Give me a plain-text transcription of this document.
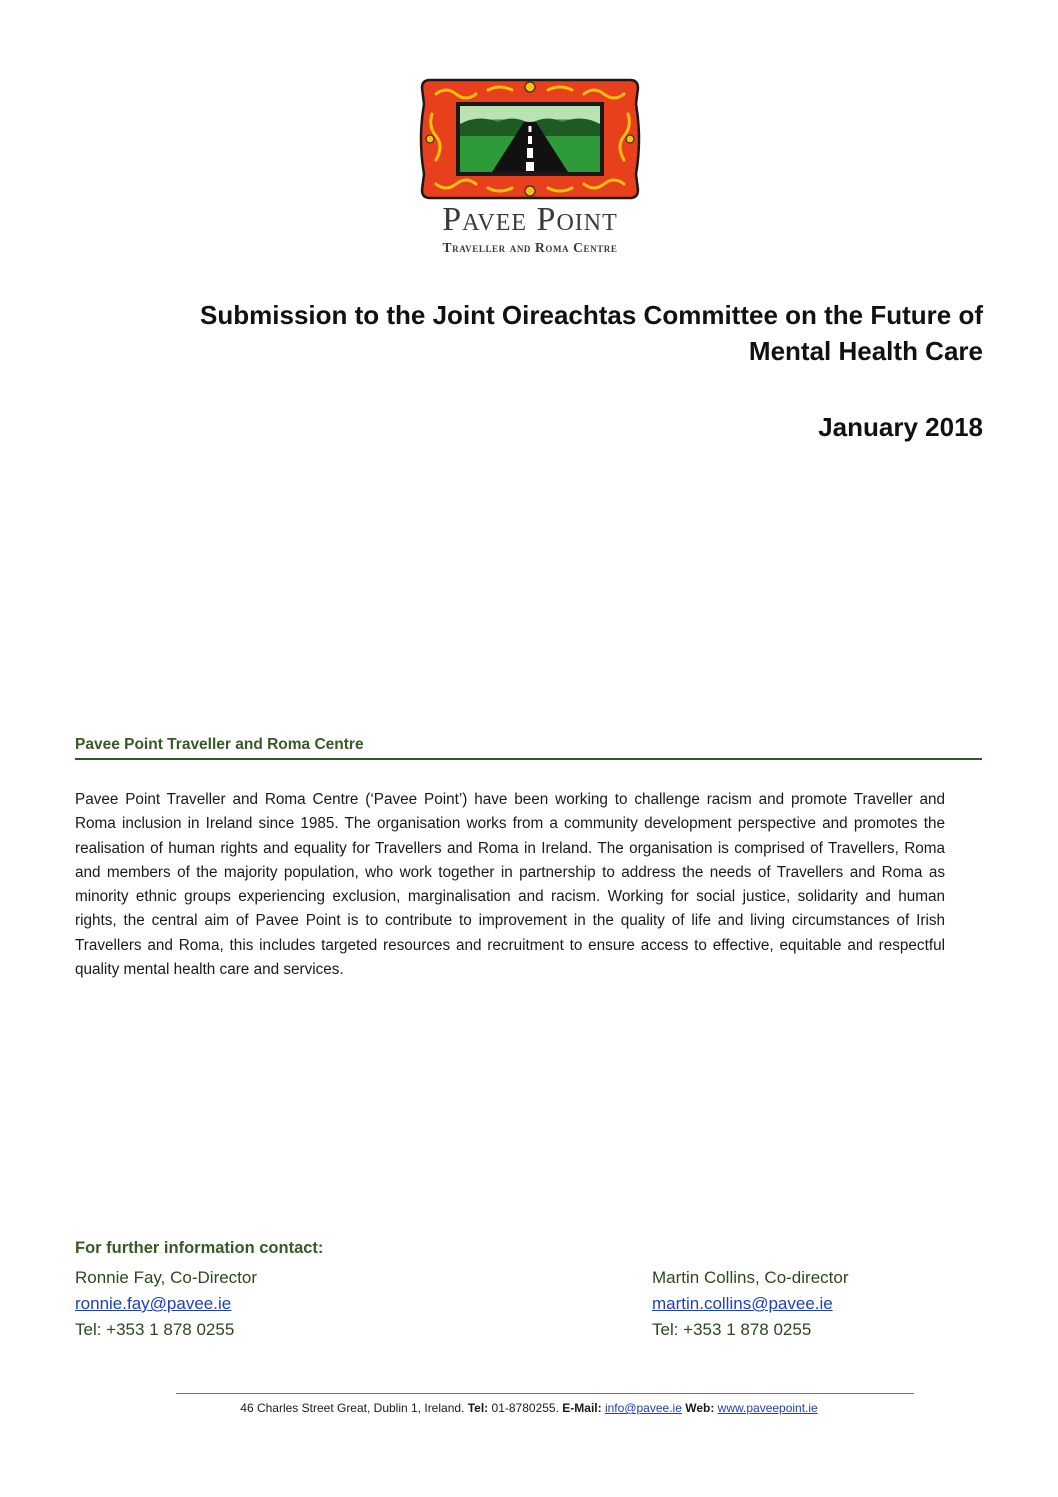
Pavee Point
Traveller and Roma Centre
Submission to the Joint Oireachtas Committee on the Future of
Mental Health Care
January 2018
Pavee Point Traveller and Roma Centre
Pavee Point Traveller and Roma Centre (‘Pavee Point’) have been working to challenge racism and promote Traveller and Roma inclusion in Ireland since 1985. The organisation works from a community development perspective and promotes the realisation of human rights and equality for Travellers and Roma in Ireland. The organisation is comprised of Travellers, Roma and members of the majority population, who work together in partnership to address the needs of Travellers and Roma as minority ethnic groups experiencing exclusion, marginalisation and racism. Working for social justice, solidarity and human rights, the central aim of Pavee Point is to contribute to improvement in the quality of life and living circumstances of Irish Travellers and Roma, this includes targeted resources and recruitment to ensure access to effective, equitable and respectful quality mental health care and services.
For further information contact:
Ronnie Fay, Co-Director
ronnie.fay@pavee.ie
Tel: +353 1 878 0255
Martin Collins, Co-director
martin.collins@pavee.ie
Tel: +353 1 878 0255
46 Charles Street Great, Dublin 1, Ireland. Tel: 01-8780255. E-Mail: info@pavee.ie Web: www.paveepoint.ie
